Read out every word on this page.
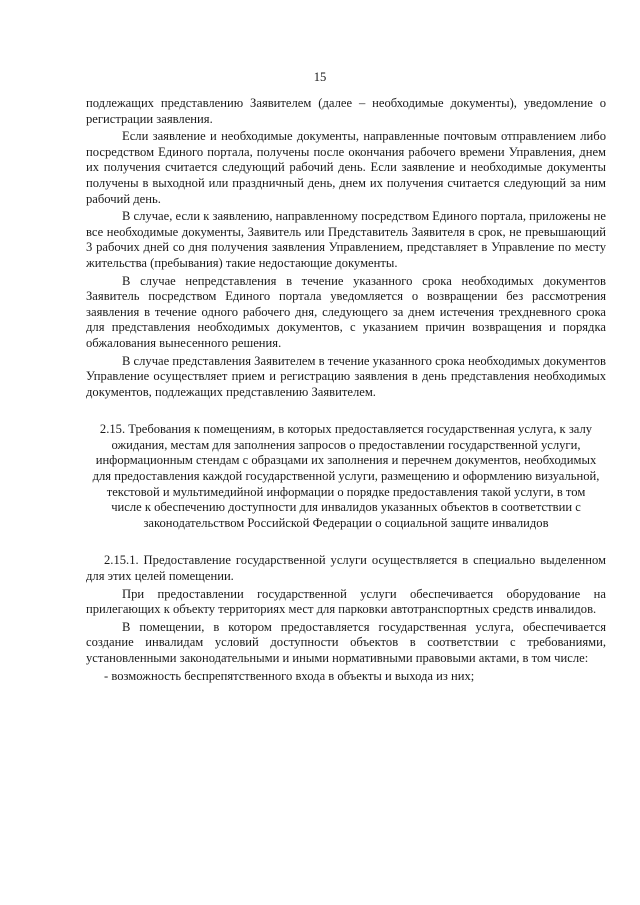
15

подлежащих представлению Заявителем (далее – необходимые документы), уведомление о регистрации заявления.

Если заявление и необходимые документы, направленные почтовым отправлением либо посредством Единого портала, получены после окончания рабочего времени Управления, днем их получения считается следующий рабочий день. Если заявление и необходимые документы получены в выходной или праздничный день, днем их получения считается следующий за ним рабочий день.

В случае, если к заявлению, направленному посредством Единого портала, приложены не все необходимые документы, Заявитель или Представитель Заявителя в срок, не превышающий 3 рабочих дней со дня получения заявления Управлением, представляет в Управление по месту жительства (пребывания) такие недостающие документы.

В случае непредставления в течение указанного срока необходимых документов Заявитель посредством Единого портала уведомляется о возвращении без рассмотрения заявления в течение одного рабочего дня, следующего за днем истечения трехдневного срока для представления необходимых документов, с указанием причин возвращения и порядка обжалования вынесенного решения.

В случае представления Заявителем в течение указанного срока необходимых документов Управление осуществляет прием и регистрацию заявления в день представления необходимых документов, подлежащих представлению Заявителем.

2.15. Требования к помещениям, в которых предоставляется государственная услуга, к залу ожидания, местам для заполнения запросов о предоставлении государственной услуги, информационным стендам с образцами их заполнения и перечнем документов, необходимых для предоставления каждой государственной услуги, размещению и оформлению визуальной, текстовой и мультимедийной информации о порядке предоставления такой услуги, в том числе к обеспечению доступности для инвалидов указанных объектов в соответствии с законодательством Российской Федерации о социальной защите инвалидов

2.15.1. Предоставление государственной услуги осуществляется в специально выделенном для этих целей помещении.

При предоставлении государственной услуги обеспечивается оборудование на прилегающих к объекту территориях мест для парковки автотранспортных средств инвалидов.

В помещении, в котором предоставляется государственная услуга, обеспечивается создание инвалидам условий доступности объектов в соответствии с требованиями, установленными законодательными и иными нормативными правовыми актами, в том числе:

- возможность беспрепятственного входа в объекты и выхода из них;
